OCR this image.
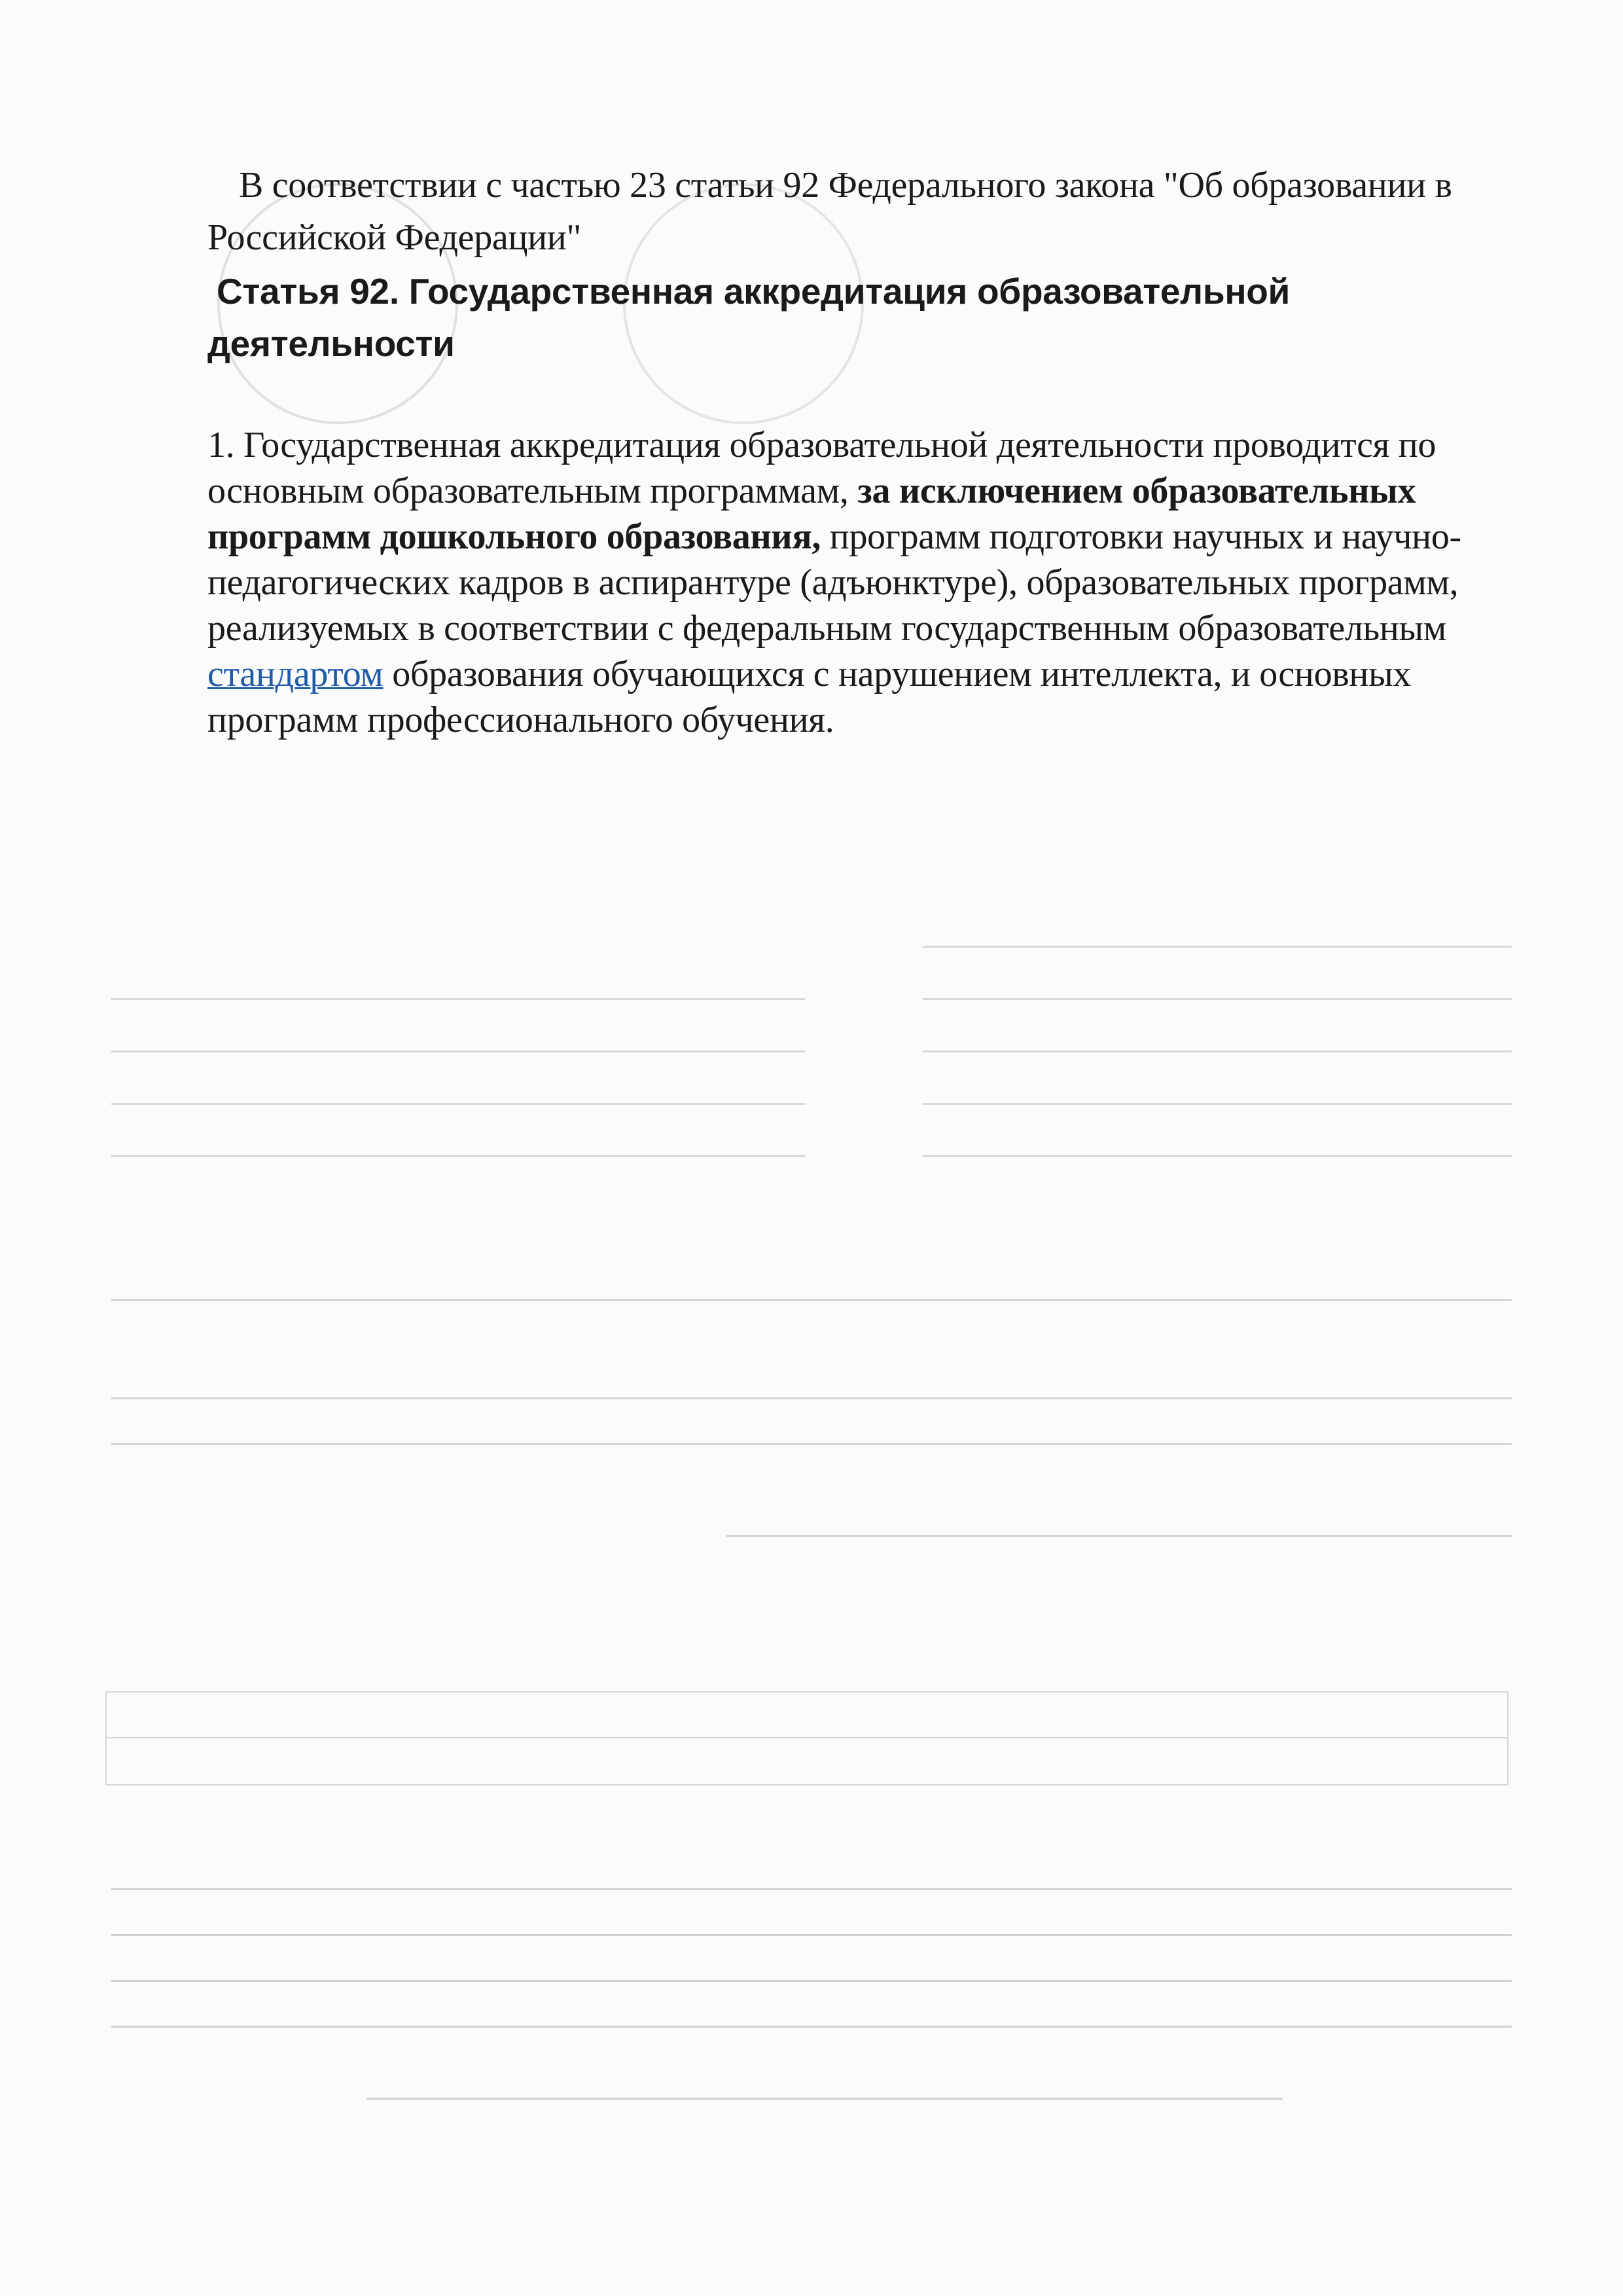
В соответствии с частью 23 статьи 92 Федерального закона "Об образовании в Российской Федерации"

Статья 92. Государственная аккредитация образовательной деятельности

1. Государственная аккредитация образовательной деятельности проводится по основным образовательным программам, за исключением образовательных программ дошкольного образования, программ подготовки научных и научно-педагогических кадров в аспирантуре (адъюнктуре), образовательных программ, реализуемых в соответствии с федеральным государственным образовательным стандартом образования обучающихся с нарушением интеллекта, и основных программ профессионального обучения.
